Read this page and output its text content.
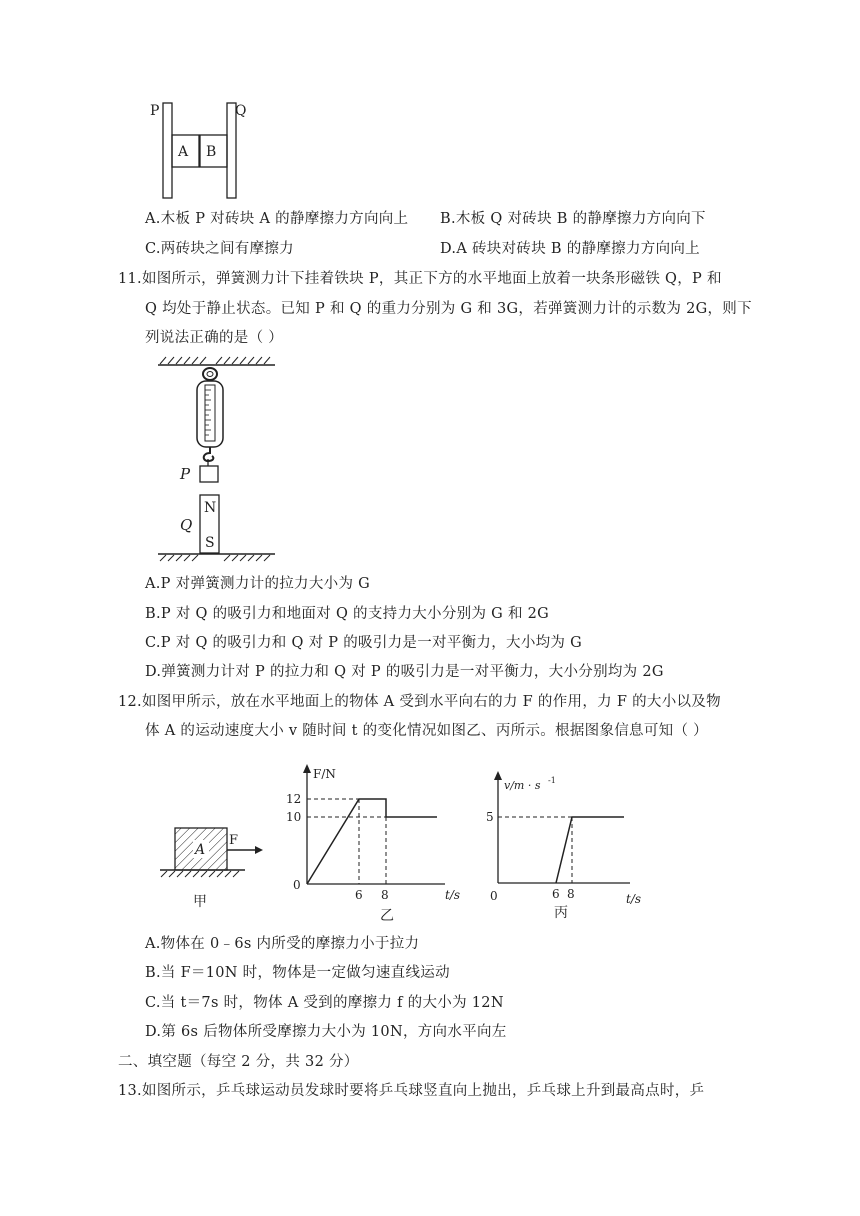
P	Q
A B
A.木板 P 对砖块 A 的静摩擦力方向向上 B.木板 Q 对砖块 B 的静摩擦力方向向下
C.两砖块之间有摩擦力	D.A 砖块对砖块 B 的静摩擦力方向向上
11.如图所示，弹簧测力计下挂着铁块 P，其正下方的水平地面上放着一块条形磁铁 Q，P 和
Q 均处于静止状态。已知 P 和 Q 的重力分别为 G 和 3G，若弹簧测力计的示数为 2G，则下
列说法正确的是（ ）
P
N
S
Q
A.P 对弹簧测力计的拉力大小为 G
B.P 对 Q 的吸引力和地面对 Q 的支持力大小分别为 G 和 2G
C.P 对 Q 的吸引力和 Q 对 P 的吸引力是一对平衡力，大小均为 G
D.弹簧测力计对 P 的拉力和 Q 对 P 的吸引力是一对平衡力，大小分别均为 2G
12.如图甲所示，放在水平地面上的物体 A 受到水平向右的力 F 的作用，力 F 的大小以及物
体 A 的运动速度大小 v 随时间 t 的变化情况如图乙、丙所示。根据图象信息可知（ ）
A
F
甲
F/N
t/s
0
12
10
6 8
乙
v/m · s -1
t/s
0
5
6 8
丙
A.物体在 0﹣6s 内所受的摩擦力小于拉力
B.当 F＝10N 时，物体是一定做匀速直线运动
C.当 t＝7s 时，物体 A 受到的摩擦力 f 的大小为 12N
D.第 6s 后物体所受摩擦力大小为 10N，方向水平向左
二、填空题（每空 2 分，共 32 分）
13.如图所示，乒乓球运动员发球时要将乒乓球竖直向上抛出，乒乓球上升到最高点时，乒
